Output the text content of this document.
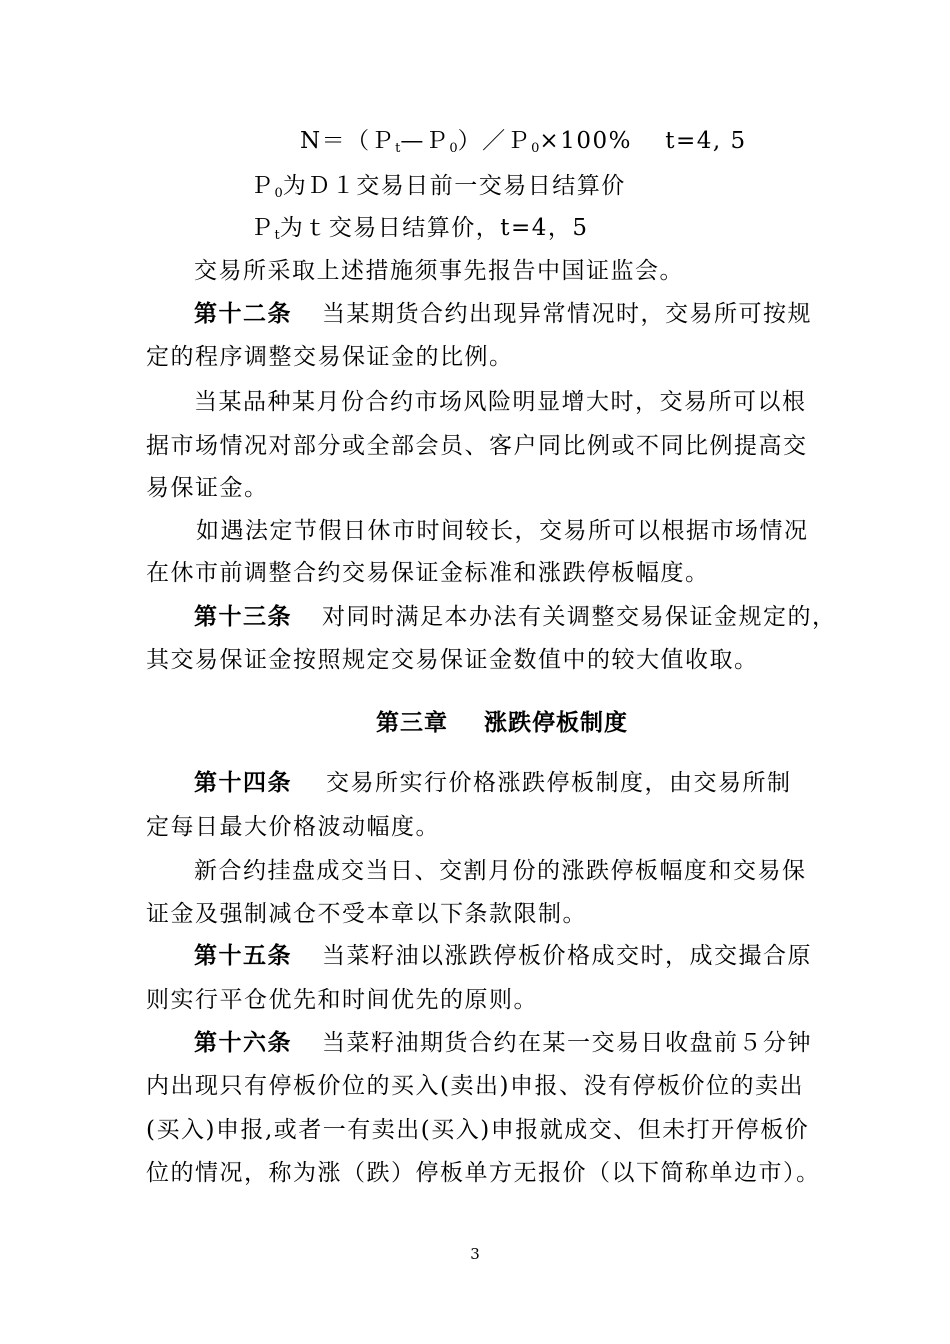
N＝（Ｐ$_t$—Ｐ$_0$）／Ｐ$_0$×100%　 t=4, 5
Ｐ$_0$为Ｄ１交易日前一交易日结算价
Ｐ$_t$为ｔ交易日结算价，t=4，5
交易所采取上述措施须事先报告中国证监会。
第十二条 当某期货合约出现异常情况时，交易所可按规
定的程序调整交易保证金的比例。
当某品种某月份合约市场风险明显增大时，交易所可以根
据市场情况对部分或全部会员、客户同比例或不同比例提高交
易保证金。
如遇法定节假日休市时间较长，交易所可以根据市场情况
在休市前调整合约交易保证金标准和涨跌停板幅度。
第十三条 对同时满足本办法有关调整交易保证金规定的，
其交易保证金按照规定交易保证金数值中的较大值收取。
第三章 涨跌停板制度
第十四条 交易所实行价格涨跌停板制度，由交易所制
定每日最大价格波动幅度。
新合约挂盘成交当日、交割月份的涨跌停板幅度和交易保
证金及强制减仓不受本章以下条款限制。
第十五条 当菜籽油以涨跌停板价格成交时，成交撮合原
则实行平仓优先和时间优先的原则。
第十六条 当菜籽油期货合约在某一交易日收盘前５分钟
内出现只有停板价位的买入(卖出)申报、没有停板价位的卖出
(买入)申报,或者一有卖出(买入)申报就成交、但未打开停板价
位的情况，称为涨（跌）停板单方无报价（以下简称单边市）。
3
